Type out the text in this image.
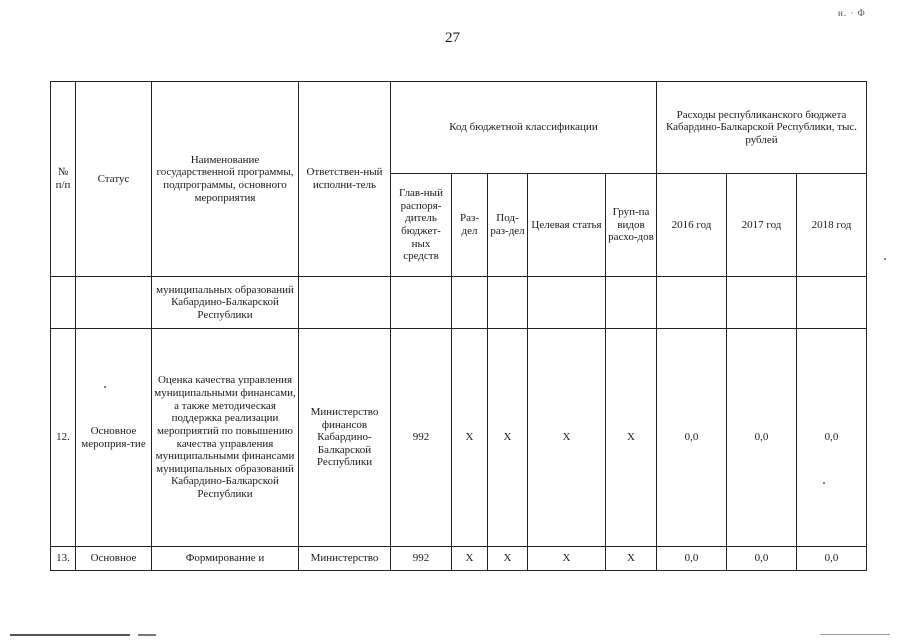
н. · Ф
27
№ п/п	Статус	Наименование государственной программы, подпрограммы, основного мероприятия	Ответствен-ный исполни-тель	Код бюджетной классификации					Расходы республиканского бюджета Кабардино-Балкарской Республики, тыс. рублей		
				Глав-ный распоря-дитель бюджет-ных средств	Раз-дел	Под-раз-дел	Целевая статья	Груп-па видов расхо-дов	2016 год	2017 год	2018 год
		муниципальных образований Кабардино-Балкарской Республики									
12.	Основное мероприя-тие	Оценка качества управления муниципальными финансами, а также методическая поддержка реализации мероприятий по повышению качества управления муниципальными финансами муниципальных образований Кабардино-Балкарской Республики	Министерство финансов Кабардино-Балкарской Республики	992	X	X	X	X	0,0	0,0	0,0
13.	Основное	Формирование и	Министерство	992	X	X	X	X	0,0	0,0	0,0
